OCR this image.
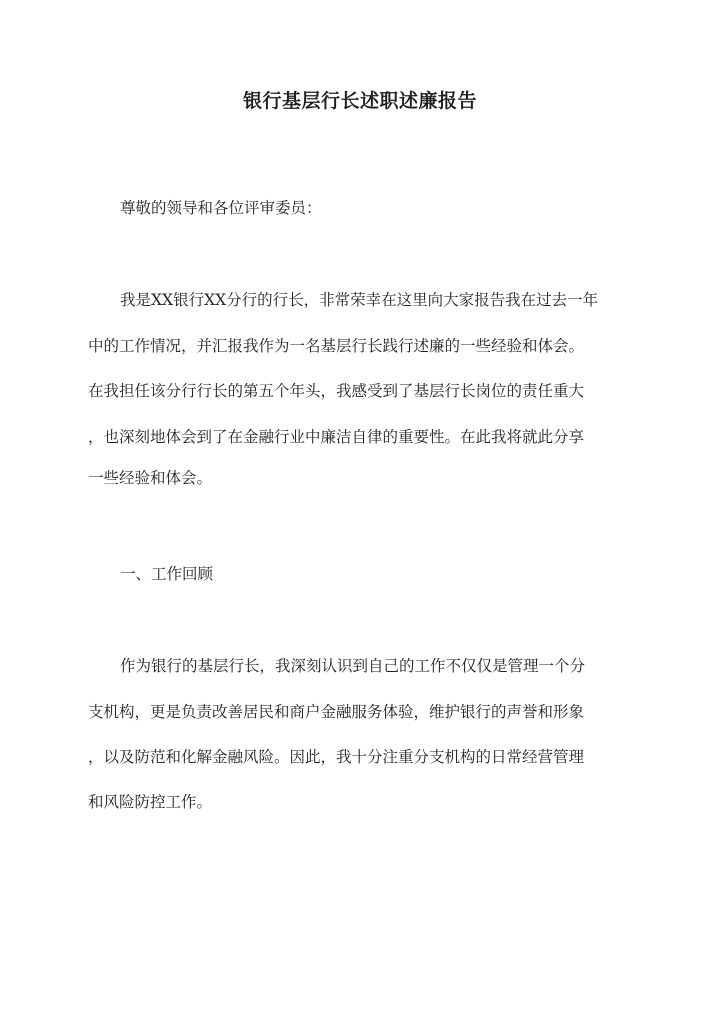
银行基层行长述职述廉报告

尊敬的领导和各位评审委员：

我是XX银行XX分行的行长，非常荣幸在这里向大家报告我在过去一年

中的工作情况，并汇报我作为一名基层行长践行述廉的一些经验和体会。

在我担任该分行行长的第五个年头，我感受到了基层行长岗位的责任重大

，也深刻地体会到了在金融行业中廉洁自律的重要性。在此我将就此分享

一些经验和体会。

一、工作回顾

作为银行的基层行长，我深刻认识到自己的工作不仅仅是管理一个分

支机构，更是负责改善居民和商户金融服务体验，维护银行的声誉和形象

，以及防范和化解金融风险。因此，我十分注重分支机构的日常经营管理

和风险防控工作。
